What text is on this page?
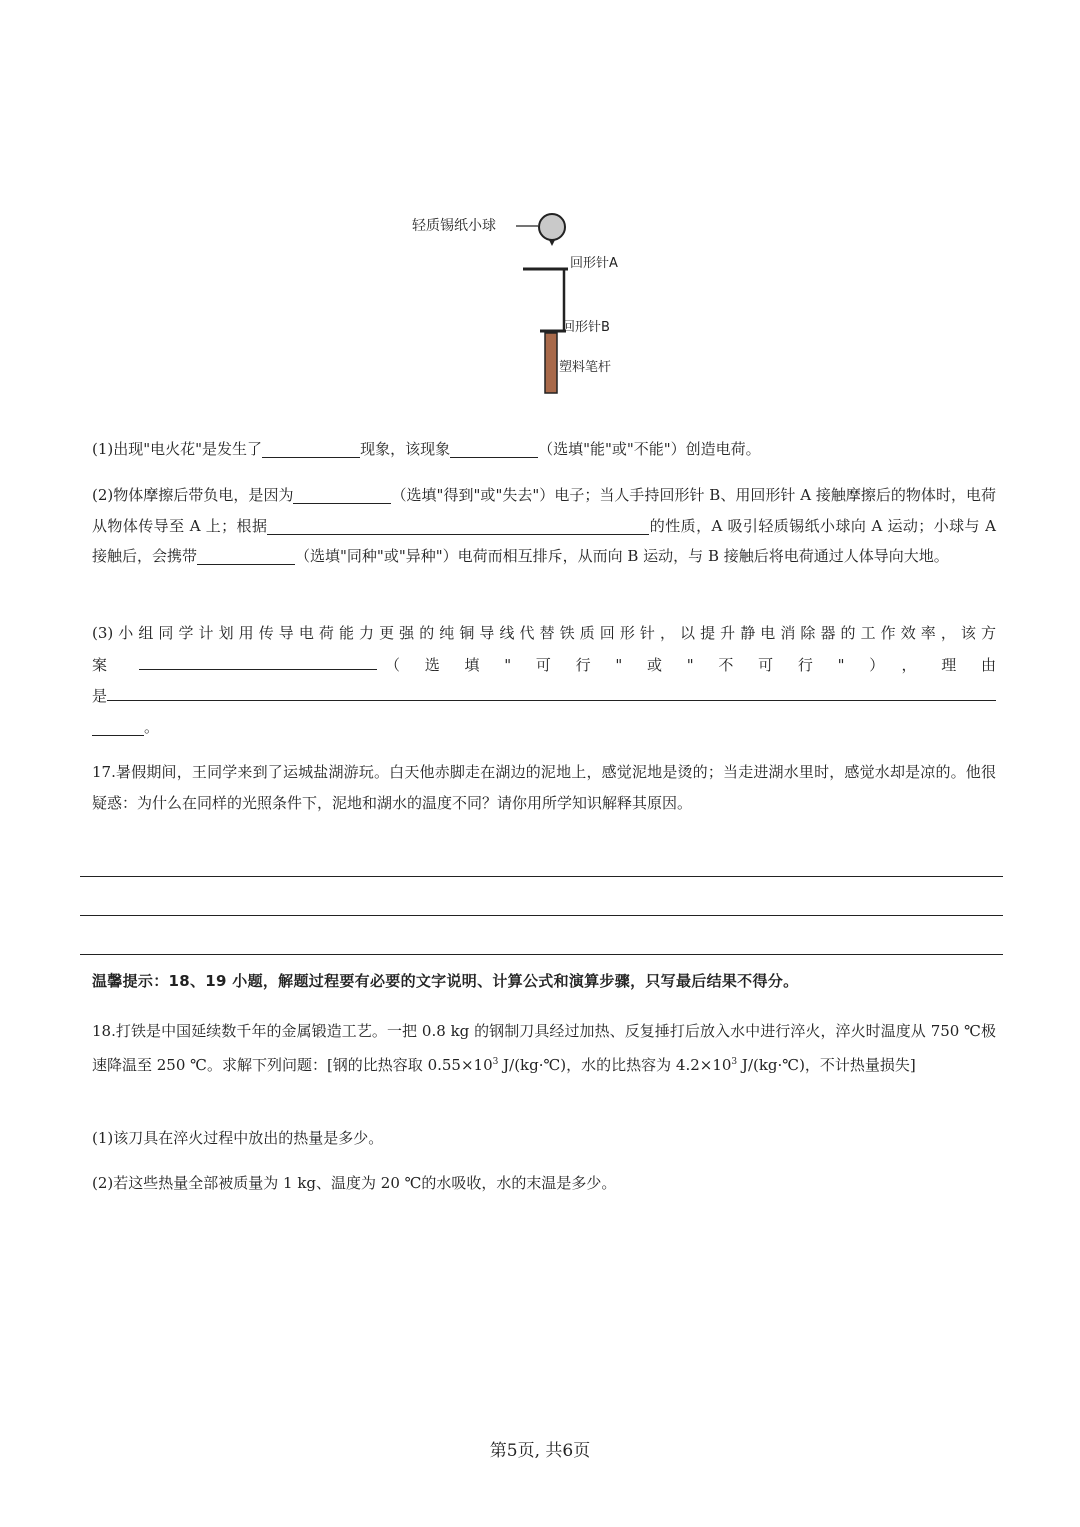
轻质锡纸小球
回形针A
回形针B
塑料笔杆

(1)出现"电火花"是发生了	现象，该现象	（选填"能"或"不能"）创造电荷。

(2)物体摩擦后带负电，是因为	（选填"得到"或"失去"）电子；当人手持回形针 B、用回形针 A 接触摩擦后的物体时，电荷从物体传导至 A 上；根据	的性质，A 吸引轻质锡纸小球向 A 运动；小球与 A 接触后，会携带	（选填"同种"或"异种"）电荷而相互排斥，从而向 B 运动，与 B 接触后将电荷通过人体导向大地。

(3)小组同学计划用传导电荷能力更强的纯铜导线代替铁质回形针，以提升静电消除器的工作效率，该方

案	（选填"可行"或"不可行"），理由
是
。

17.暑假期间，王同学来到了运城盐湖游玩。白天他赤脚走在湖边的泥地上，感觉泥地是烫的；当走进湖水里时，感觉水却是凉的。他很疑惑：为什么在同样的光照条件下，泥地和湖水的温度不同？请你用所学知识解释其原因。

温馨提示：18、19 小题，解题过程要有必要的文字说明、计算公式和演算步骤，只写最后结果不得分。

18.打铁是中国延续数千年的金属锻造工艺。一把 0.8 kg 的钢制刀具经过加热、反复捶打后放入水中进行淬火，淬火时温度从 750 ℃极速降温至 250 ℃。求解下列问题：[钢的比热容取 $0.55\times 10^3$ J/(kg·℃)，水的比热容为 $4.2\times 10^3$ J/(kg·℃)，不计热量损失]

(1)该刀具在淬火过程中放出的热量是多少。

(2)若这些热量全部被质量为 1 kg、温度为 20 ℃的水吸收，水的末温是多少。

第5页, 共6页
